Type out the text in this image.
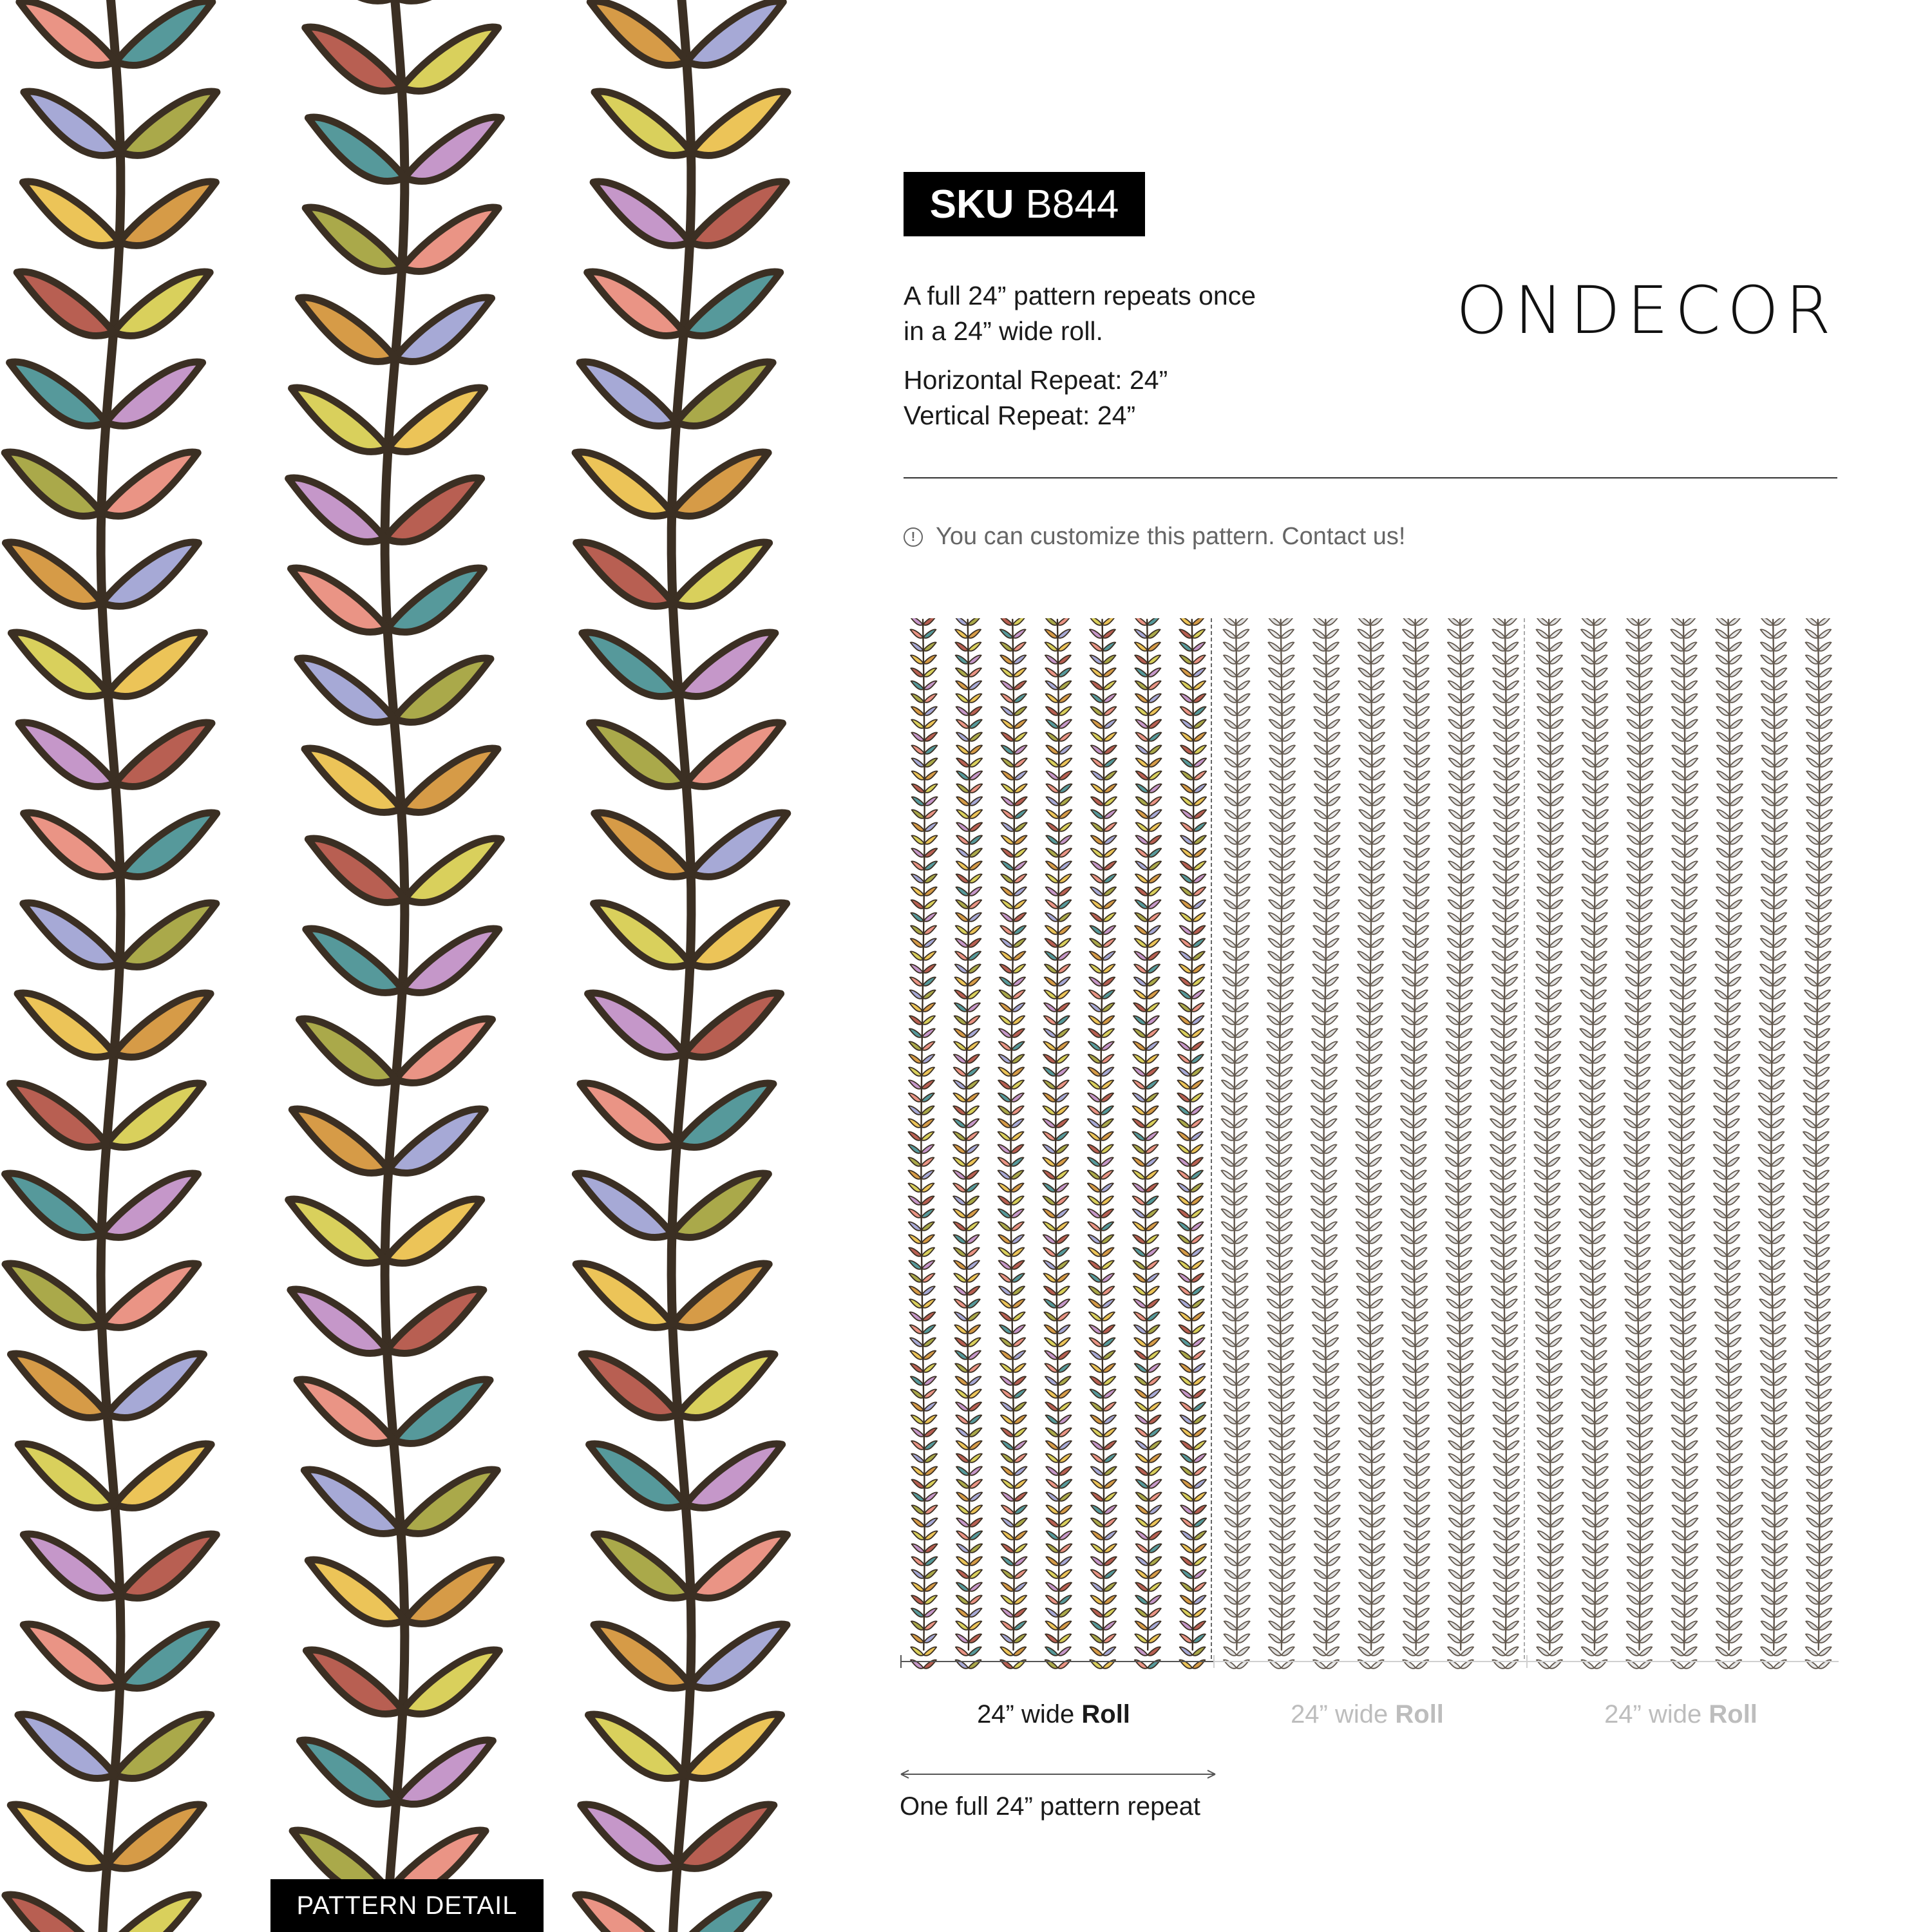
PATTERN DETAIL
SKU B844
A full 24” pattern repeats once
in a 24” wide roll.
Horizontal Repeat: 24”
Vertical Repeat: 24”
ONDECOR
! You can customize this pattern. Contact us!
24” wide Roll	24” wide Roll	24” wide Roll
One full 24” pattern repeat
